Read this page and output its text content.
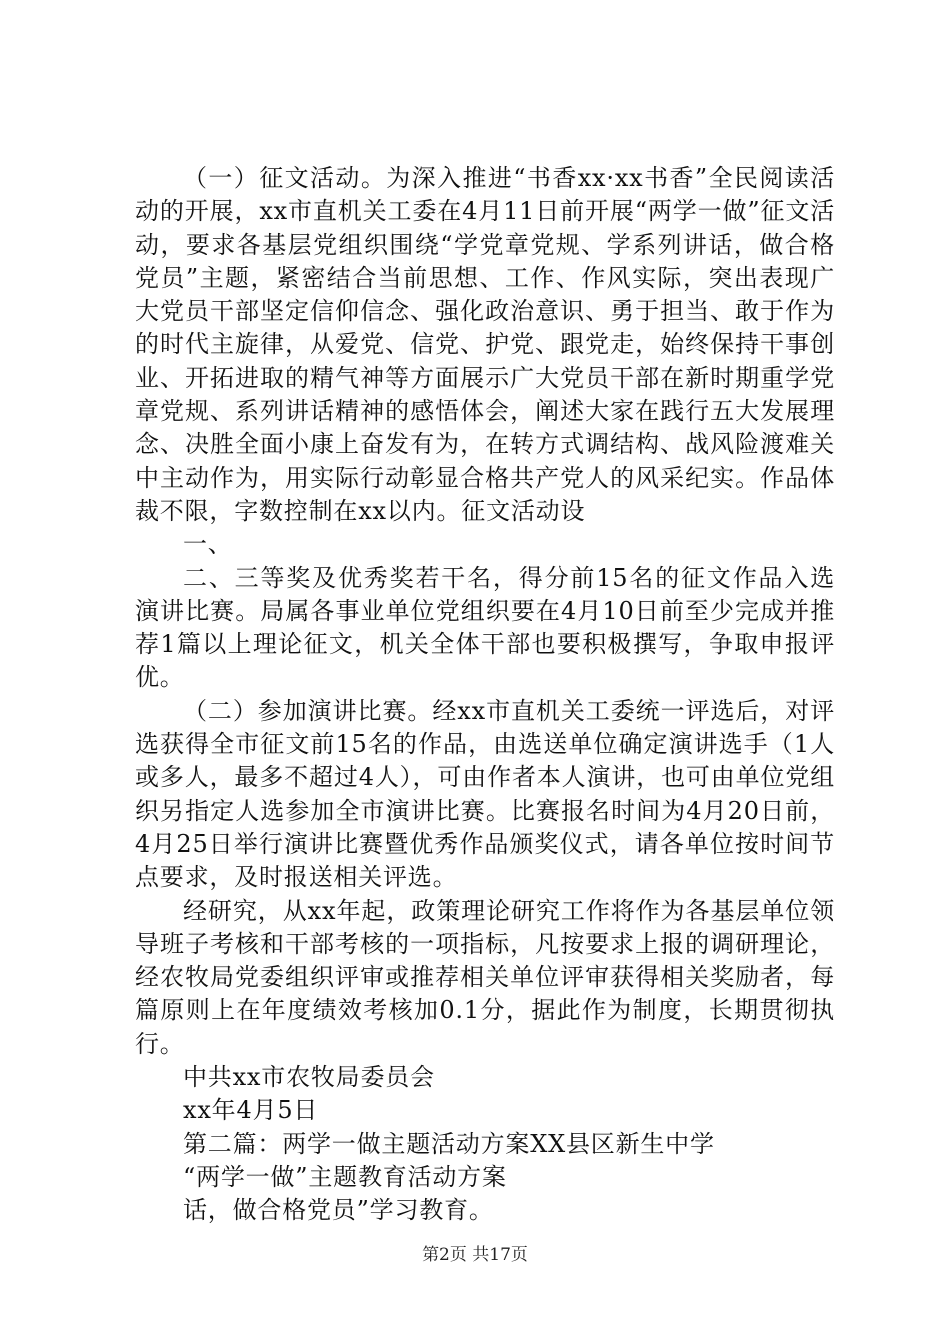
（一）征文活动。为深入推进“书香xx·xx书香”全民阅读活动的开展，xx市直机关工委在4月11日前开展“两学一做”征文活动，要求各基层党组织围绕“学党章党规、学系列讲话，做合格党员”主题，紧密结合当前思想、工作、作风实际，突出表现广大党员干部坚定信仰信念、强化政治意识、勇于担当、敢于作为的时代主旋律，从爱党、信党、护党、跟党走，始终保持干事创业、开拓进取的精气神等方面展示广大党员干部在新时期重学党章党规、系列讲话精神的感悟体会，阐述大家在践行五大发展理念、决胜全面小康上奋发有为，在转方式调结构、战风险渡难关中主动作为，用实际行动彰显合格共产党人的风采纪实。作品体裁不限，字数控制在xx以内。征文活动设

一、

二、三等奖及优秀奖若干名，得分前15名的征文作品入选演讲比赛。局属各事业单位党组织要在4月10日前至少完成并推荐1篇以上理论征文，机关全体干部也要积极撰写，争取申报评优。

（二）参加演讲比赛。经xx市直机关工委统一评选后，对评选获得全市征文前15名的作品，由选送单位确定演讲选手（1人或多人，最多不超过4人），可由作者本人演讲，也可由单位党组织另指定人选参加全市演讲比赛。比赛报名时间为4月20日前，4月25日举行演讲比赛暨优秀作品颁奖仪式，请各单位按时间节点要求，及时报送相关评选。

经研究，从xx年起，政策理论研究工作将作为各基层单位领导班子考核和干部考核的一项指标，凡按要求上报的调研理论，经农牧局党委组织评审或推荐相关单位评审获得相关奖励者，每篇原则上在年度绩效考核加0.1分，据此作为制度，长期贯彻执行。

中共xx市农牧局委员会

xx年4月5日

第二篇：两学一做主题活动方案XX县区新生中学

“两学一做”主题教育活动方案

话，做合格党员”学习教育。

第2页 共17页
